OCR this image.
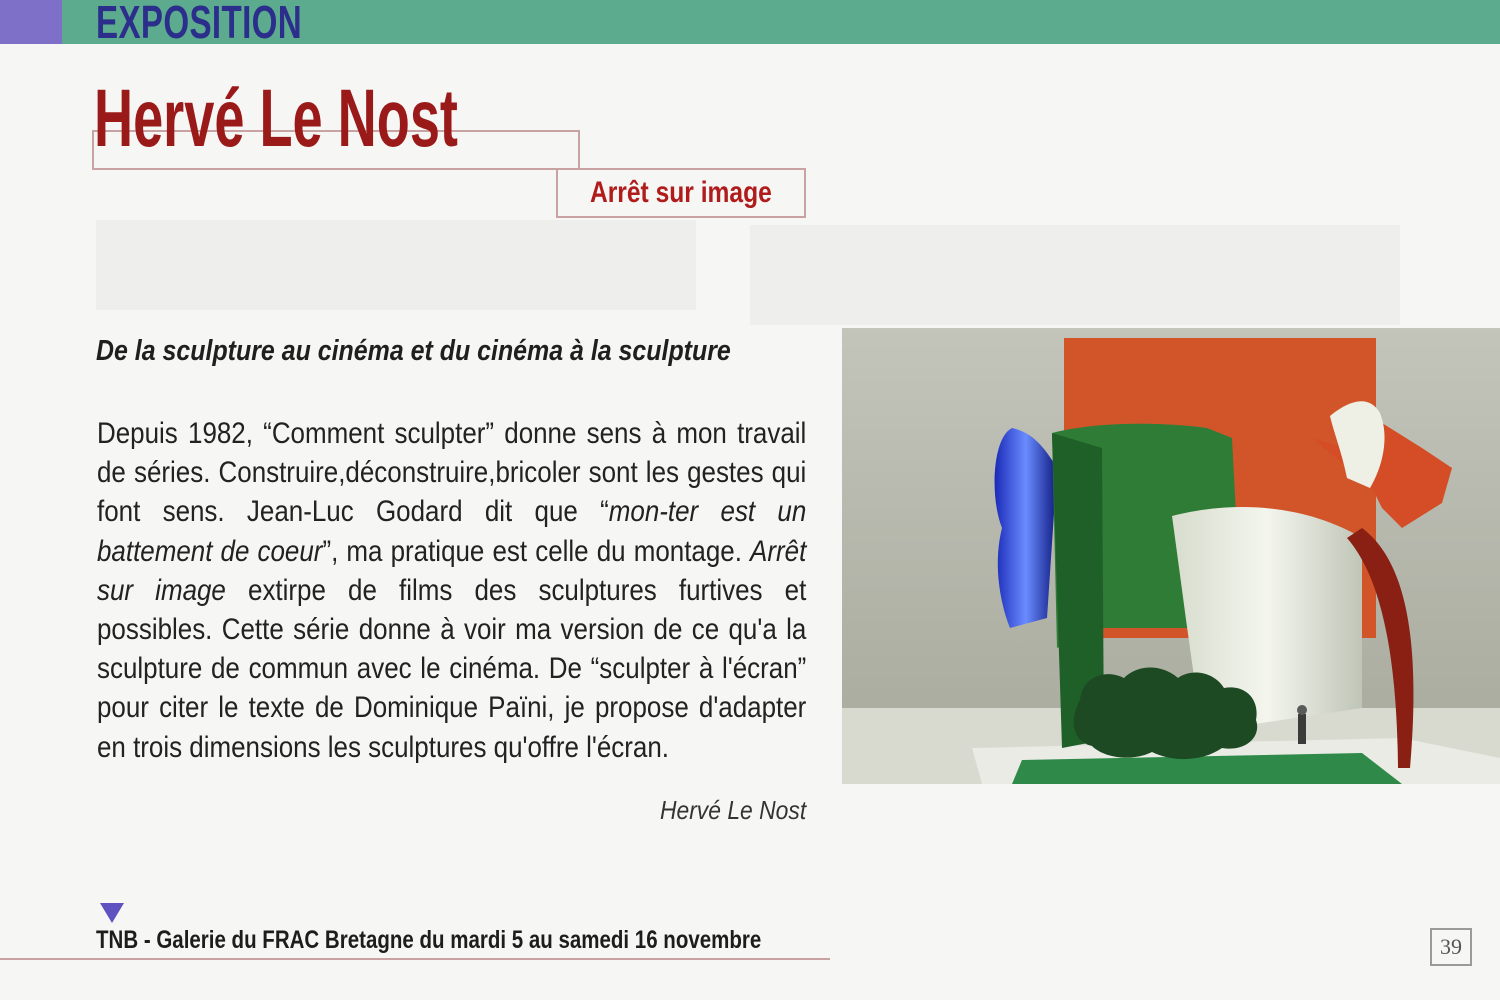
EXPOSITION
Hervé Le Nost
Arrêt sur image
De la sculpture au cinéma et du cinéma à la sculpture
Depuis 1982, “Comment sculpter” donne sens à mon travail de séries. Construire,déconstruire,bricoler sont les gestes qui font sens. Jean-Luc Godard dit que “mon-ter est un battement de coeur”, ma pratique est celle du montage. Arrêt sur image extirpe de films des sculptures furtives et possibles. Cette série donne à voir ma version de ce qu'a la sculpture de commun avec le cinéma. De “sculpter à l'écran” pour citer le texte de Dominique Païni, je propose d'adapter en trois dimensions les sculptures qu'offre l'écran.
Hervé Le Nost
TNB - Galerie du FRAC Bretagne du mardi 5 au samedi 16 novembre	39
